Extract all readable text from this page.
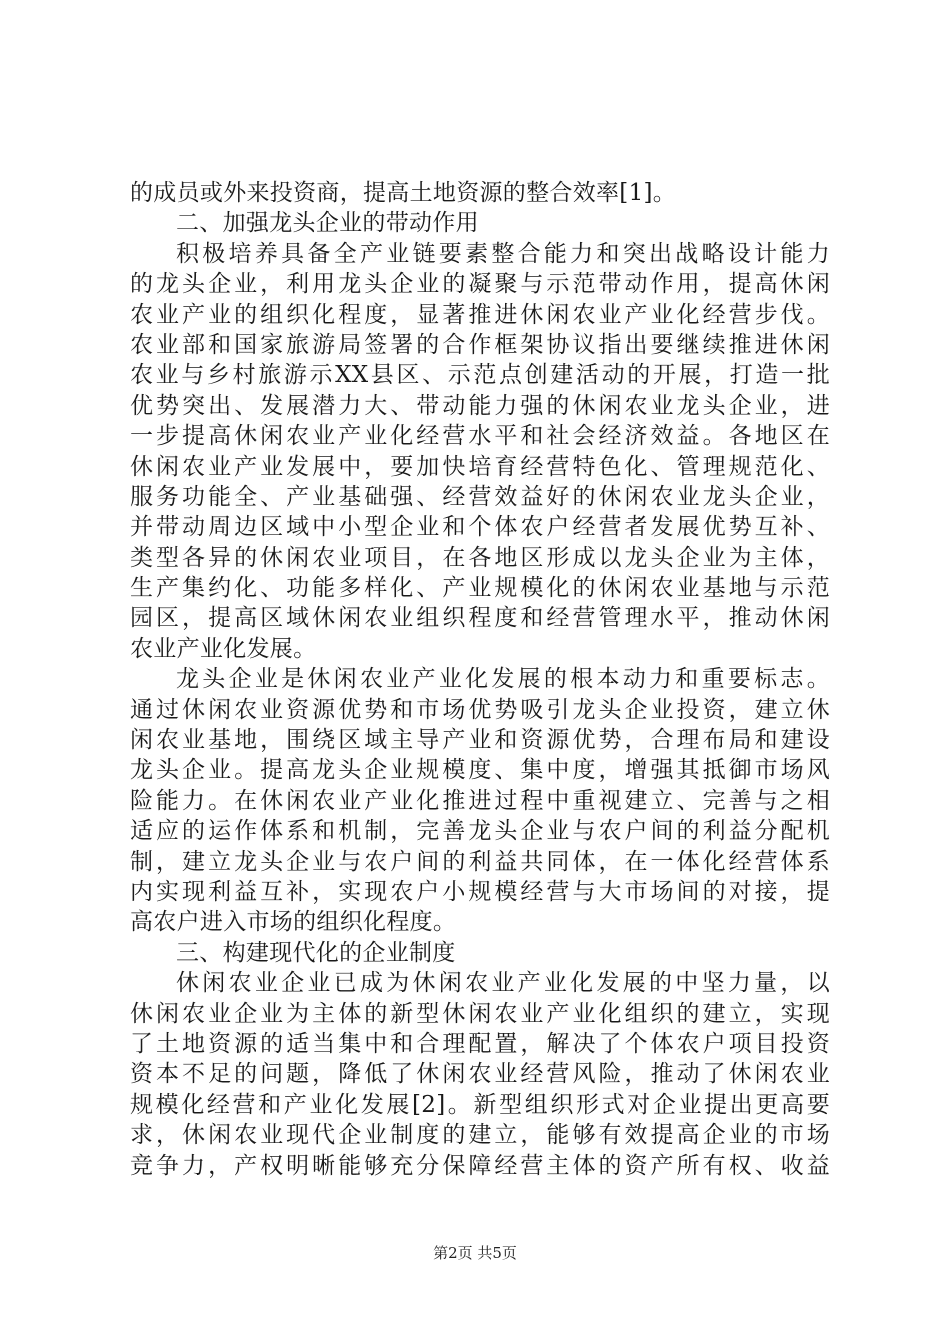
的成员或外来投资商，提高土地资源的整合效率[1]。
二、加强龙头企业的带动作用
积极培养具备全产业链要素整合能力和突出战略设计能力
的龙头企业，利用龙头企业的凝聚与示范带动作用，提高休闲
农业产业的组织化程度，显著推进休闲农业产业化经营步伐。
农业部和国家旅游局签署的合作框架协议指出要继续推进休闲
农业与乡村旅游示XX县区、示范点创建活动的开展，打造一批
优势突出、发展潜力大、带动能力强的休闲农业龙头企业，进
一步提高休闲农业产业化经营水平和社会经济效益。各地区在
休闲农业产业发展中，要加快培育经营特色化、管理规范化、
服务功能全、产业基础强、经营效益好的休闲农业龙头企业，
并带动周边区域中小型企业和个体农户经营者发展优势互补、
类型各异的休闲农业项目，在各地区形成以龙头企业为主体，
生产集约化、功能多样化、产业规模化的休闲农业基地与示范
园区，提高区域休闲农业组织程度和经营管理水平，推动休闲
农业产业化发展。
龙头企业是休闲农业产业化发展的根本动力和重要标志。
通过休闲农业资源优势和市场优势吸引龙头企业投资，建立休
闲农业基地，围绕区域主导产业和资源优势，合理布局和建设
龙头企业。提高龙头企业规模度、集中度，增强其抵御市场风
险能力。在休闲农业产业化推进过程中重视建立、完善与之相
适应的运作体系和机制，完善龙头企业与农户间的利益分配机
制，建立龙头企业与农户间的利益共同体，在一体化经营体系
内实现利益互补，实现农户小规模经营与大市场间的对接，提
高农户进入市场的组织化程度。
三、构建现代化的企业制度
休闲农业企业已成为休闲农业产业化发展的中坚力量，以
休闲农业企业为主体的新型休闲农业产业化组织的建立，实现
了土地资源的适当集中和合理配置，解决了个体农户项目投资
资本不足的问题，降低了休闲农业经营风险，推动了休闲农业
规模化经营和产业化发展[2]。新型组织形式对企业提出更高要
求，休闲农业现代企业制度的建立，能够有效提高企业的市场
竞争力，产权明晰能够充分保障经营主体的资产所有权、收益
第2页 共5页
